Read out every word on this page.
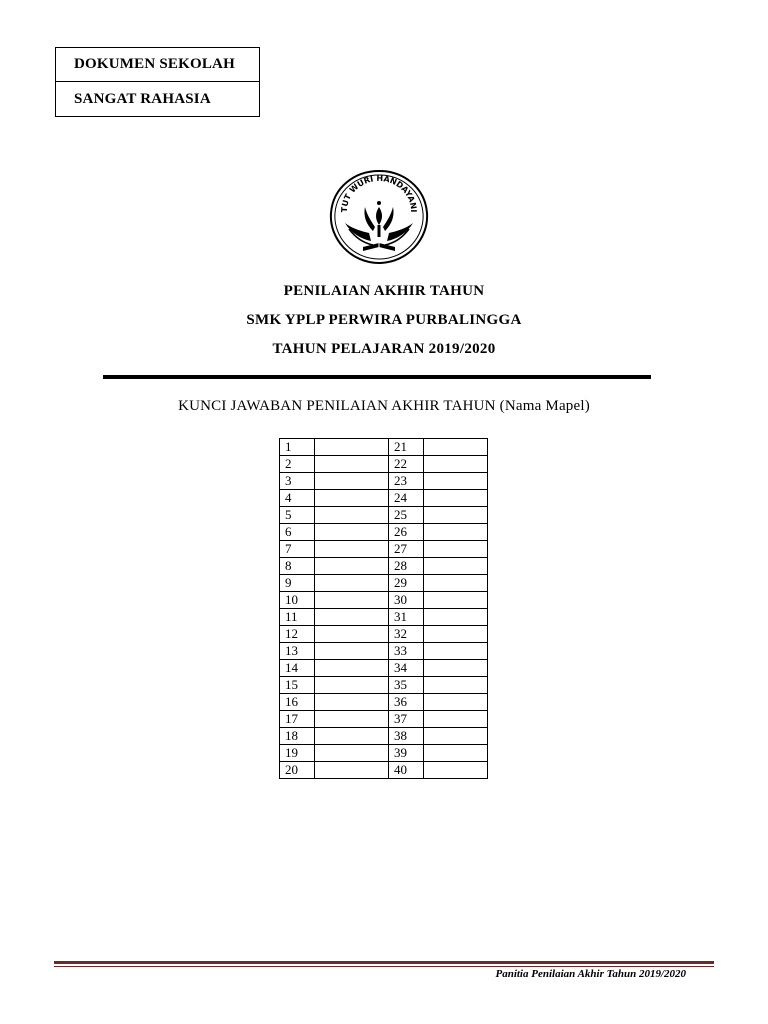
DOKUMEN SEKOLAH
SANGAT RAHASIA
TUT WURI HANDAYANI
PENILAIAN AKHIR TAHUN
SMK YPLP PERWIRA PURBALINGGA
TAHUN PELAJARAN 2019/2020
KUNCI JAWABAN PENILAIAN AKHIR TAHUN (Nama Mapel)
1		21	
2		22	
3		23	
4		24	
5		25	
6		26	
7		27	
8		28	
9		29	
10		30	
11		31	
12		32	
13		33	
14		34	
15		35	
16		36	
17		37	
18		38	
19		39	
20		40	
Panitia Penilaian Akhir Tahun 2019/2020
